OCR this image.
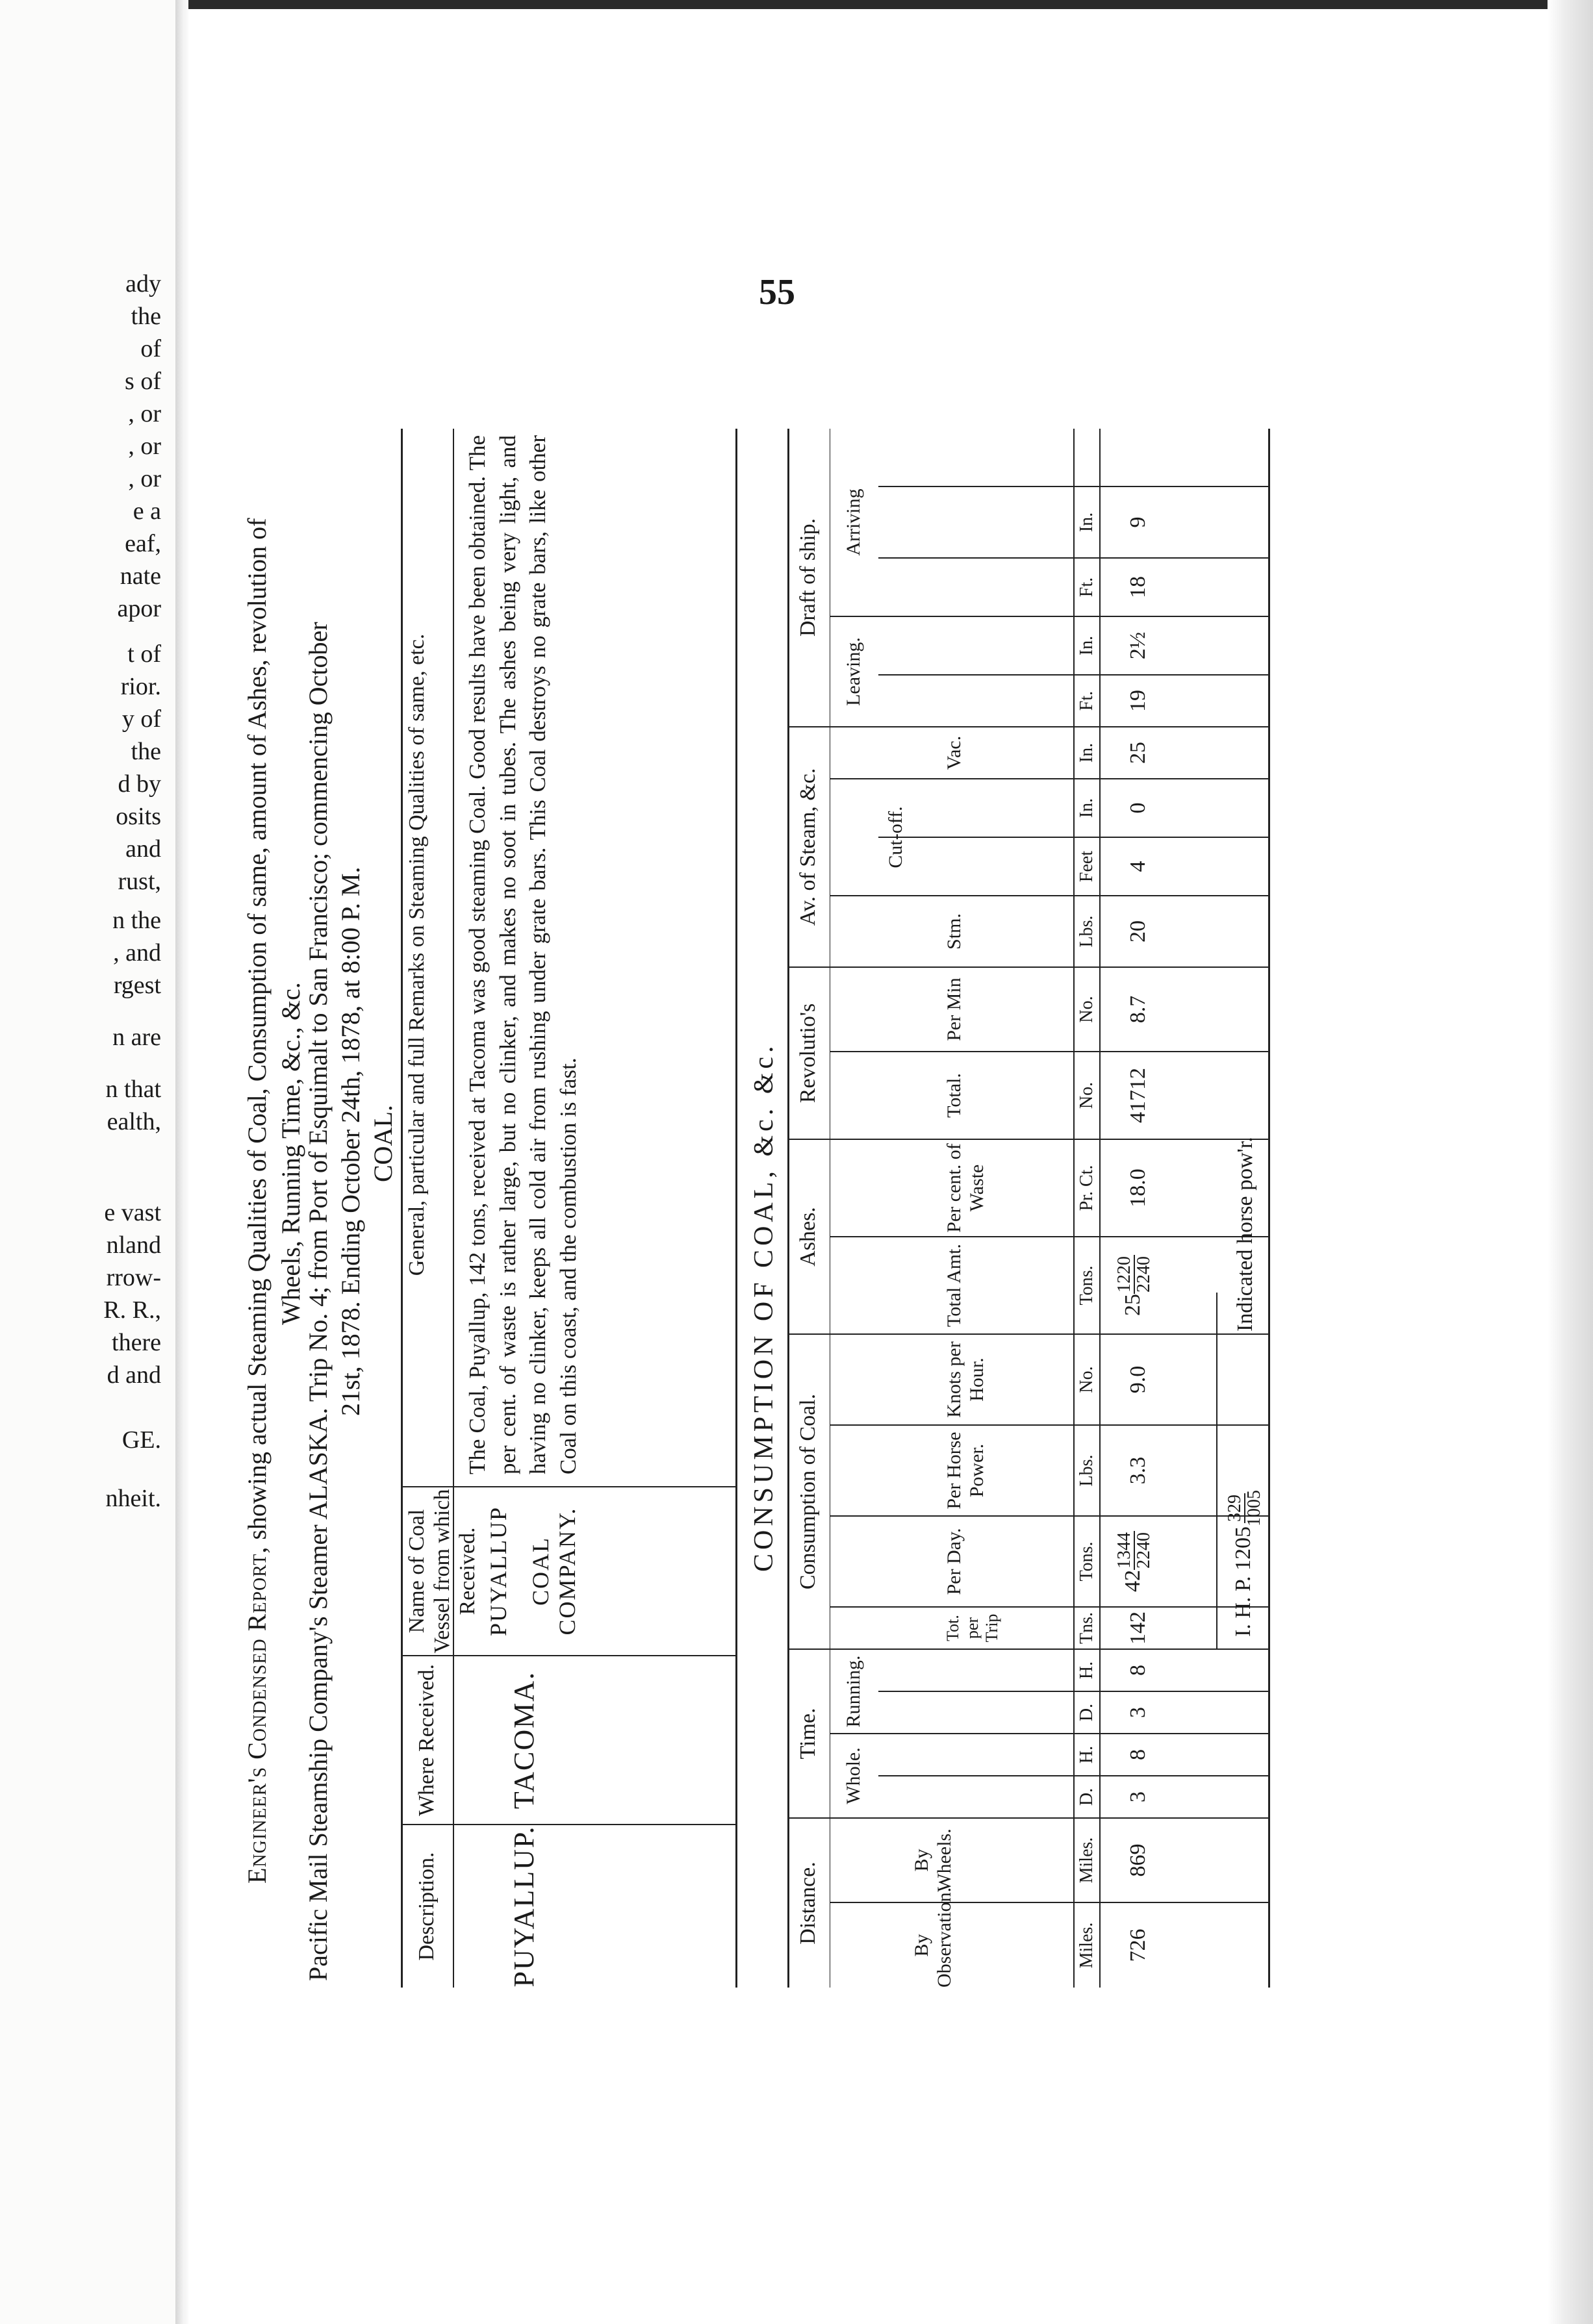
ady
the
of
s of
, or
, or
, or
e a
eaf,
nate
apor
t of
rior.
y of
the
d by
osits
and
rust,
n the
, and
rgest
n are
n that
ealth,
e vast
nland
rrow-
R. R.,
there
d and
GE.
nheit.
55
Engineer's Condensed Report, showing actual Steaming Qualities of Coal, Consumption of same, amount of Ashes, revolution of Wheels, Running Time, &c., &c.
Pacific Mail Steamship Company's Steamer ALASKA. Trip No. 4; from Port of Esquimalt to San Francisco; commencing October 21st, 1878. Ending October 24th, 1878, at 8:00 P. M. COAL.
Description.
Where Received.
Name of Coal Vessel from which Received.
General, particular and full Remarks on Steaming Qualities of same, etc.
PUYALLUP.
TACOMA.
PUYALLUP COAL COMPANY.
The Coal, Puyallup, 142 tons, received at Tacoma was good steaming Coal. Good results have been obtained. The per cent. of waste is rather large, but no clinker, and makes no soot in tubes. The ashes being very light, and having no clinker, keeps all cold air from rushing under grate bars. This Coal destroys no grate bars, like other Coal on this coast, and the combustion is fast.	CONSUMPTION OF COAL, &c. &c.
Distance.
Time.
Consumption of Coal.
Ashes.
Revolutio's
Av. of Steam, &c.
Draft of ship.
By Observation.
By Wheels.
Whole.
Running.
Tot. per Trip
Per Day.
Per Horse Power.
Knots per Hour.
Total Amt.
Per cent. of Waste
Total.
Per Min
Stm.
Cut-off.
Vac.
Leaving.
Arriving
Miles.
Miles.
D.
H.
D.
H.
Tns.
Tons.
Lbs.
No.
Tons.
Pr. Ct.
No.
No.
Lbs.
Feet
In.
In.
Ft.
In.
Ft.
In.
726
869
3
8
3
8
142
42
1344 2240
3.3
9.0
25
1220 2240
18.0
41712
8.7
20
4
0
25
19
2½
18
9
I. H. P. 1205
329 1005
Indicated horse pow'r.
